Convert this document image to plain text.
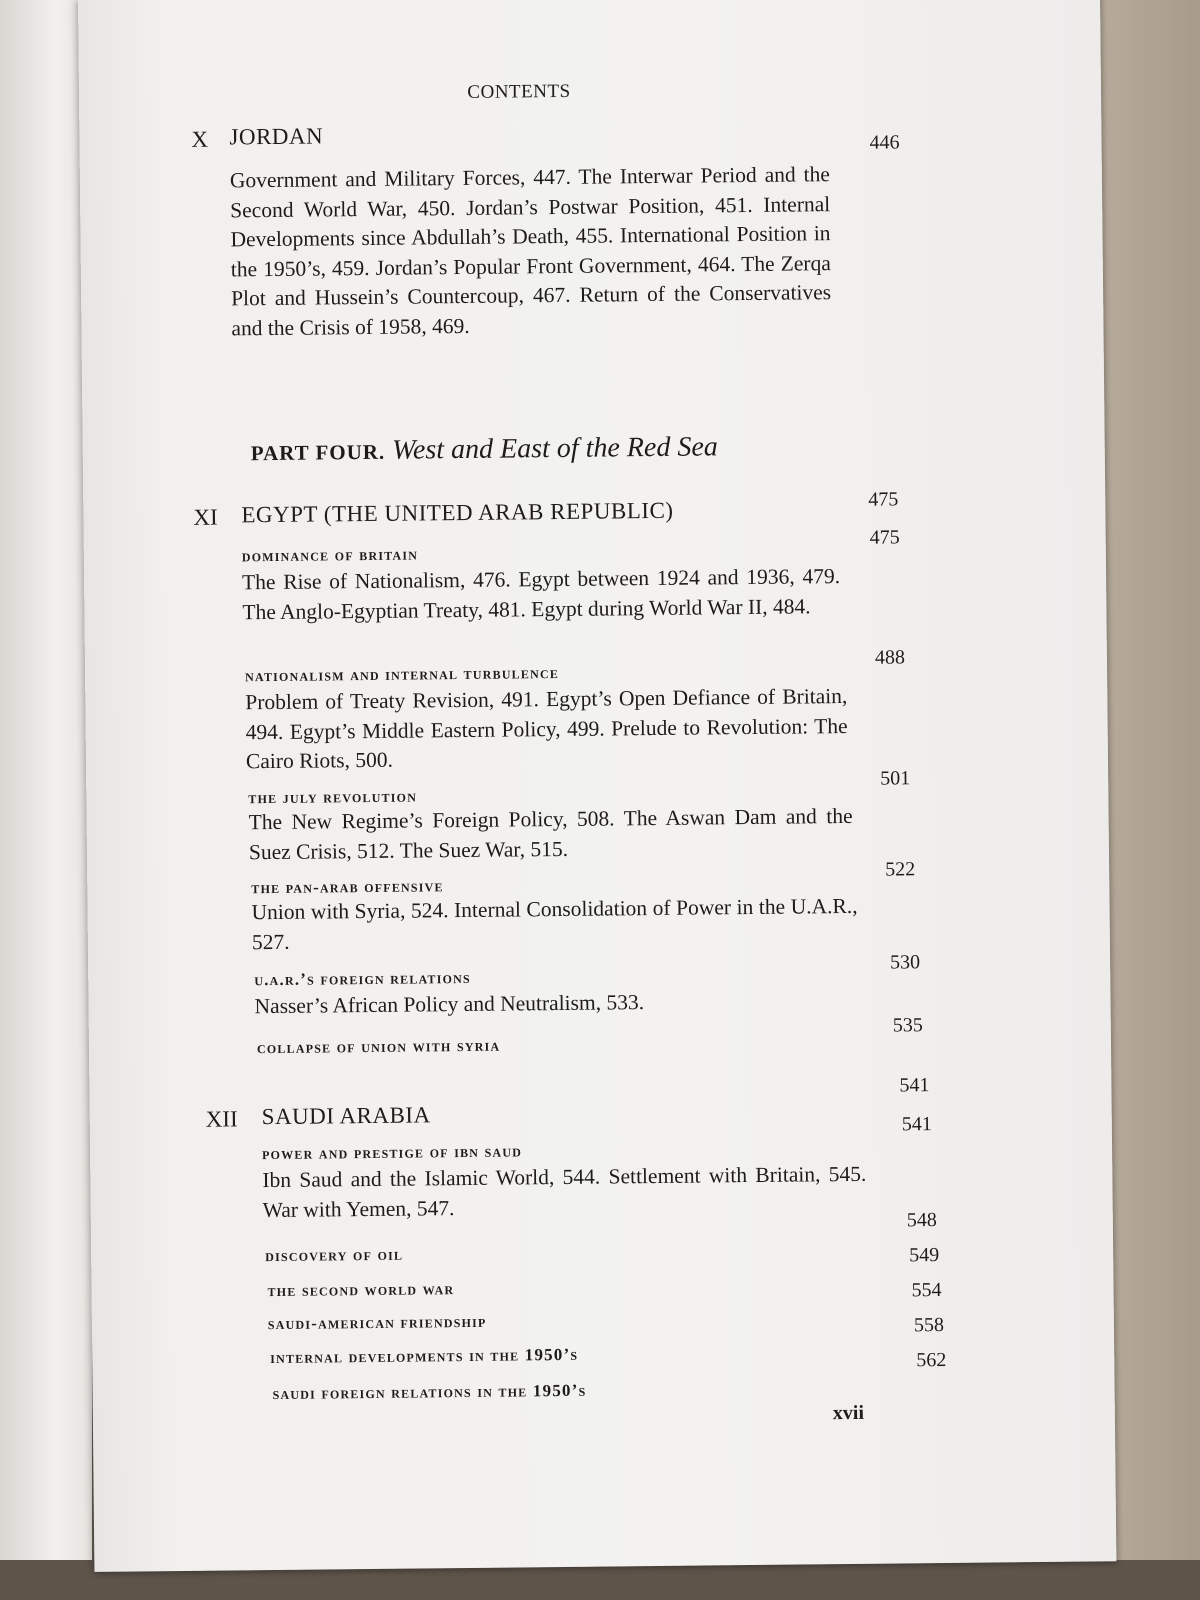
CONTENTS
X JORDAN	446
Government and Military Forces, 447. The Interwar Period and the Second World War, 450. Jordan’s Postwar Position, 451. Internal Developments since Abdullah’s Death, 455. International Position in the 1950’s, 459. Jordan’s Popular Front Government, 464. The Zerqa Plot and Hussein’s Countercoup, 467. Return of the Conservatives and the Crisis of 1958, 469.
PART FOUR. West and East of the Red Sea
XI EGYPT (THE UNITED ARAB REPUBLIC)	475
dominance of britain
475
The Rise of Nationalism, 476. Egypt between 1924 and 1936, 479. The Anglo-Egyptian Treaty, 481. Egypt during World War II, 484.
nationalism and internal turbulence
488
Problem of Treaty Revision, 491. Egypt’s Open Defiance of Britain, 494. Egypt’s Middle Eastern Policy, 499. Prelude to Revolution: The Cairo Riots, 500.
the july revolution
501
The New Regime’s Foreign Policy, 508. The Aswan Dam and the Suez Crisis, 512. The Suez War, 515.
the pan-arab offensive
522
Union with Syria, 524. Internal Consolidation of Power in the U.A.R., 527.
u.a.r.’s foreign relations
530
Nasser’s African Policy and Neutralism, 533.
collapse of union with syria
535
XII SAUDI ARABIA
541
power and prestige of ibn saud
541
Ibn Saud and the Islamic World, 544. Settlement with Britain, 545. War with Yemen, 547.
discovery of oil
548
the second world war
549
saudi-american friendship
554
internal developments in the 1950’s
558
saudi foreign relations in the 1950’s
562
xvii
